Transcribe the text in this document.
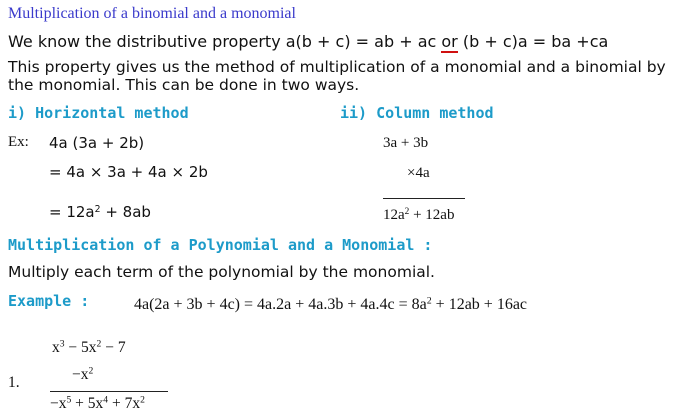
Multiplication of a binomial and a monomial
We know the distributive property a(b + c) = ab + ac or (b + c)a = ba +ca
This property gives us the method of multiplication of a monomial and a binomial by
the monomial. This can be done in two ways.
i) Horizontal method	ii) Column method
Ex: 4a (3a + 2b)
= 4a × 3a + 4a × 2b
= $12a^2 + 8ab$
3a + 3b
×4a
$12a^2 + 12ab$
Multiplication of a Polynomial and a Monomial :
Multiply each term of the polynomial by the monomial.
Example :	$4a(2a + 3b + 4c) = 4a.2a + 4a.3b + 4a.4c = 8a^2 + 12ab + 16ac$
$x^3 - 5x^2 - 7$
1.	$-x^2$
$-x^5 + 5x^4 + 7x^2$
